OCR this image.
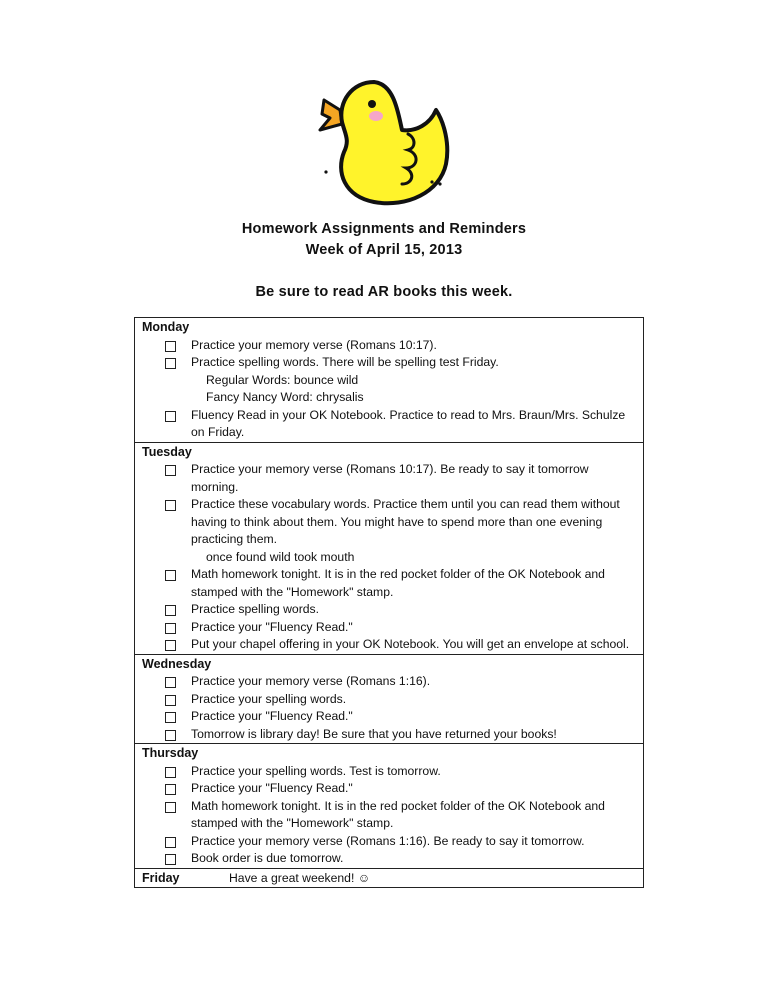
Homework Assignments and Reminders
Week of April 15, 2013
Be sure to read AR books this week.
Monday
Practice your memory verse (Romans 10:17).
Practice spelling words. There will be spelling test Friday.
Regular Words: bounce wild
Fancy Nancy Word: chrysalis
Fluency Read in your OK Notebook. Practice to read to Mrs. Braun/Mrs. Schulze on Friday.
Tuesday
Practice your memory verse (Romans 10:17). Be ready to say it tomorrow morning.
Practice these vocabulary words. Practice them until you can read them without having to think about them. You might have to spend more than one evening practicing them.
once found wild took mouth
Math homework tonight. It is in the red pocket folder of the OK Notebook and stamped with the "Homework" stamp.
Practice spelling words.
Practice your "Fluency Read."
Put your chapel offering in your OK Notebook. You will get an envelope at school.
Wednesday
Practice your memory verse (Romans 1:16).
Practice your spelling words.
Practice your "Fluency Read."
Tomorrow is library day! Be sure that you have returned your books!
Thursday
Practice your spelling words. Test is tomorrow.
Practice your "Fluency Read."
Math homework tonight. It is in the red pocket folder of the OK Notebook and stamped with the "Homework" stamp.
Practice your memory verse (Romans 1:16). Be ready to say it tomorrow.
Book order is due tomorrow.
Friday	Have a great weekend! ☺
